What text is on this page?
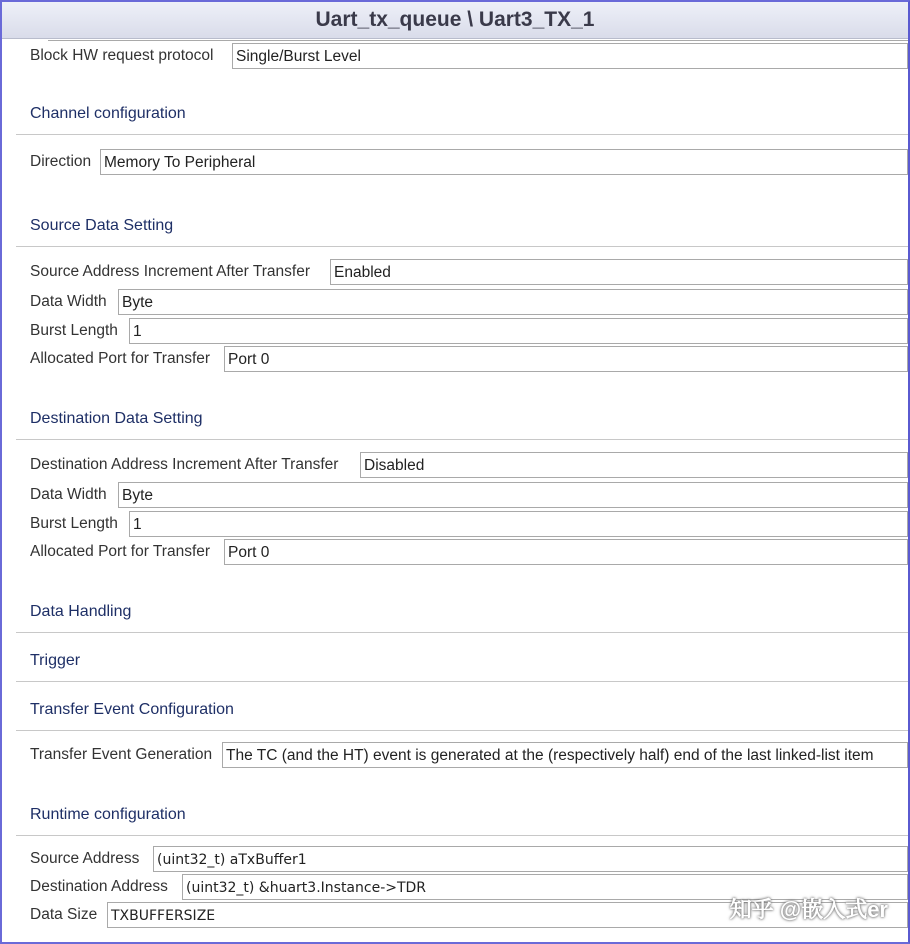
Uart_tx_queue \ Uart3_TX_1
Block HW request protocol Single/Burst Level
Channel configuration
Direction Memory To Peripheral
Source Data Setting
Source Address Increment After Transfer Enabled
Data Width Byte
Burst Length 1
Allocated Port for Transfer Port 0
Destination Data Setting
Destination Address Increment After Transfer Disabled
Data Width Byte
Burst Length 1
Allocated Port for Transfer Port 0
Data Handling
Trigger
Transfer Event Configuration
Transfer Event Generation The TC (and the HT) event is generated at the (respectively half) end of the last linked-list item
Runtime configuration
Source Address (uint32_t) aTxBuffer1
Destination Address (uint32_t) &huart3.Instance->TDR
Data Size TXBUFFERSIZE	知乎 @嵌入式er
